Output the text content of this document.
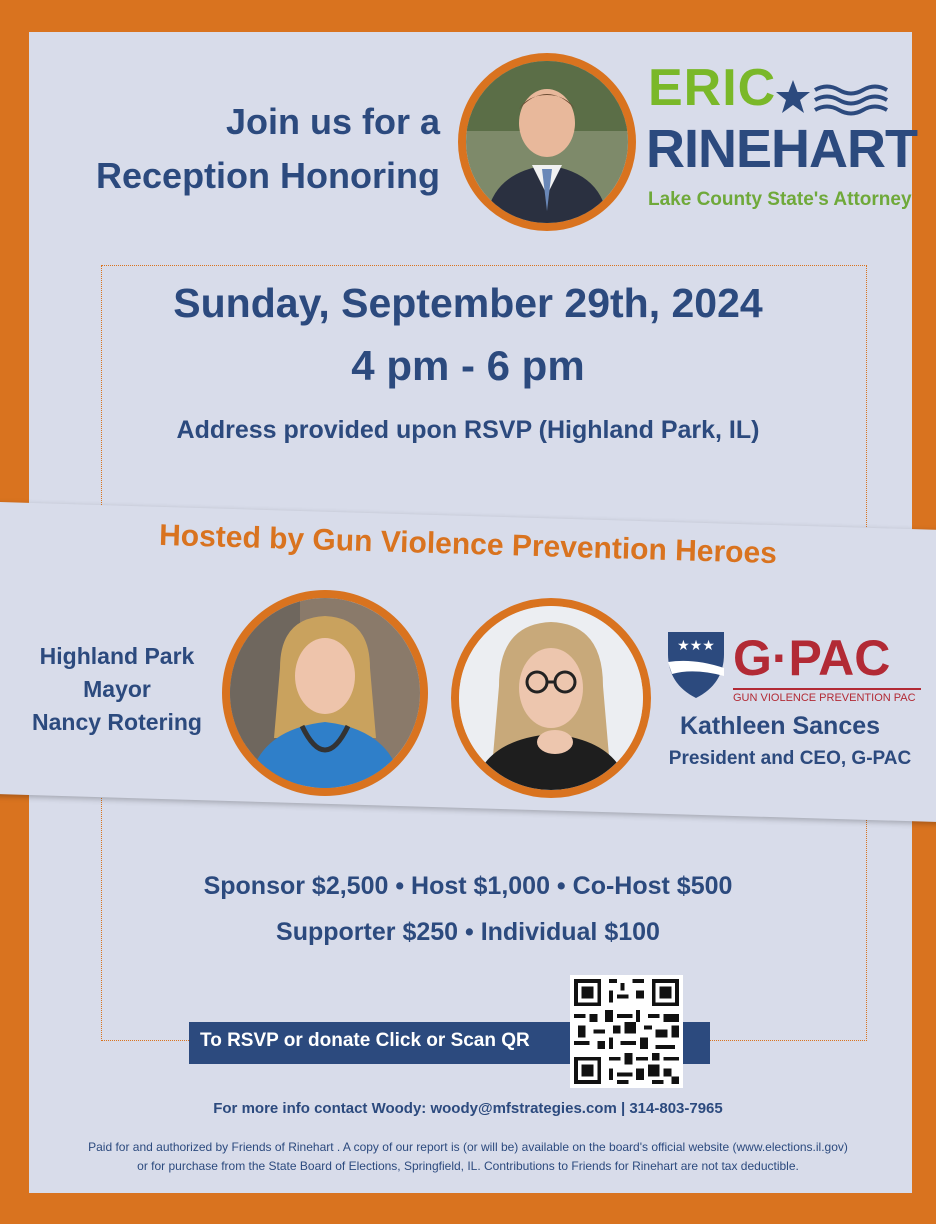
Join us for a
Reception Honoring
ERIC
RINEHART
Lake County State's Attorney
Sunday, September 29th, 2024
4 pm - 6 pm
Address provided upon RSVP (Highland Park, IL)
Hosted by Gun Violence Prevention Heroes
Highland Park
Mayor
Nancy Rotering
★★★ G·PAC
GUN VIOLENCE PREVENTION PAC
Kathleen Sances
President and CEO, G-PAC
Sponsor $2,500 • Host $1,000 • Co-Host $500
Supporter $250 • Individual $100
To RSVP or donate Click or Scan QR
For more info contact Woody: woody@mfstrategies.com | 314-803-7965
Paid for and authorized by Friends of Rinehart . A copy of our report is (or will be) available on the board's official website (www.elections.il.gov)
or for purchase from the State Board of Elections, Springfield, IL. Contributions to Friends for Rinehart are not tax deductible.
